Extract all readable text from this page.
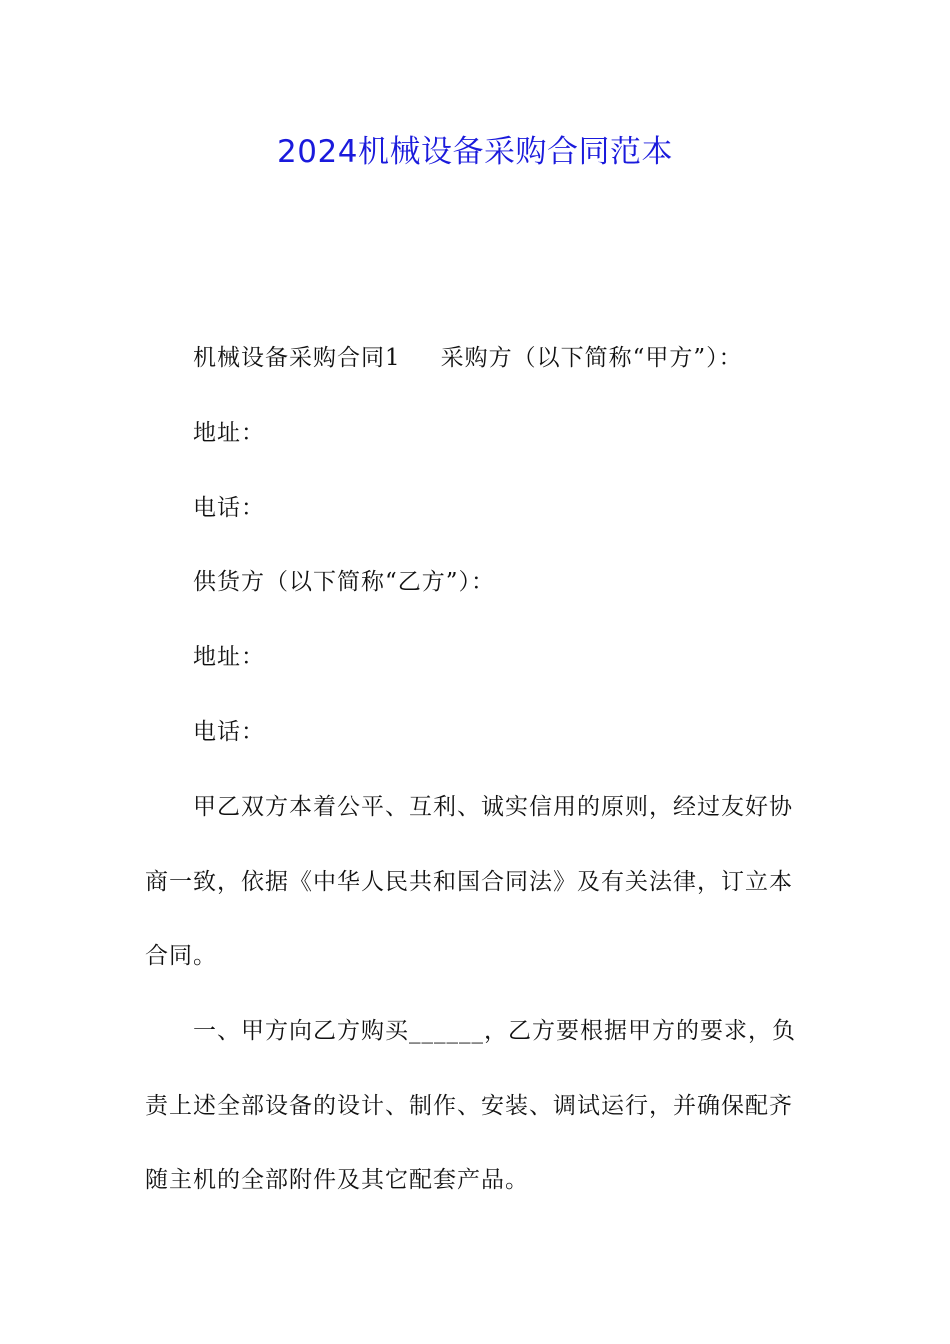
2024机械设备采购合同范本
机械设备采购合同1 采购方（以下简称“甲方”）：
地址：
电话：
供货方（以下简称“乙方”）：
地址：
电话：
甲乙双方本着公平、互利、诚实信用的原则，经过友好协
商一致，依据《中华人民共和国合同法》及有关法律，订立本
合同。
一、甲方向乙方购买______，乙方要根据甲方的要求，负
责上述全部设备的设计、制作、安装、调试运行，并确保配齐
随主机的全部附件及其它配套产品。
